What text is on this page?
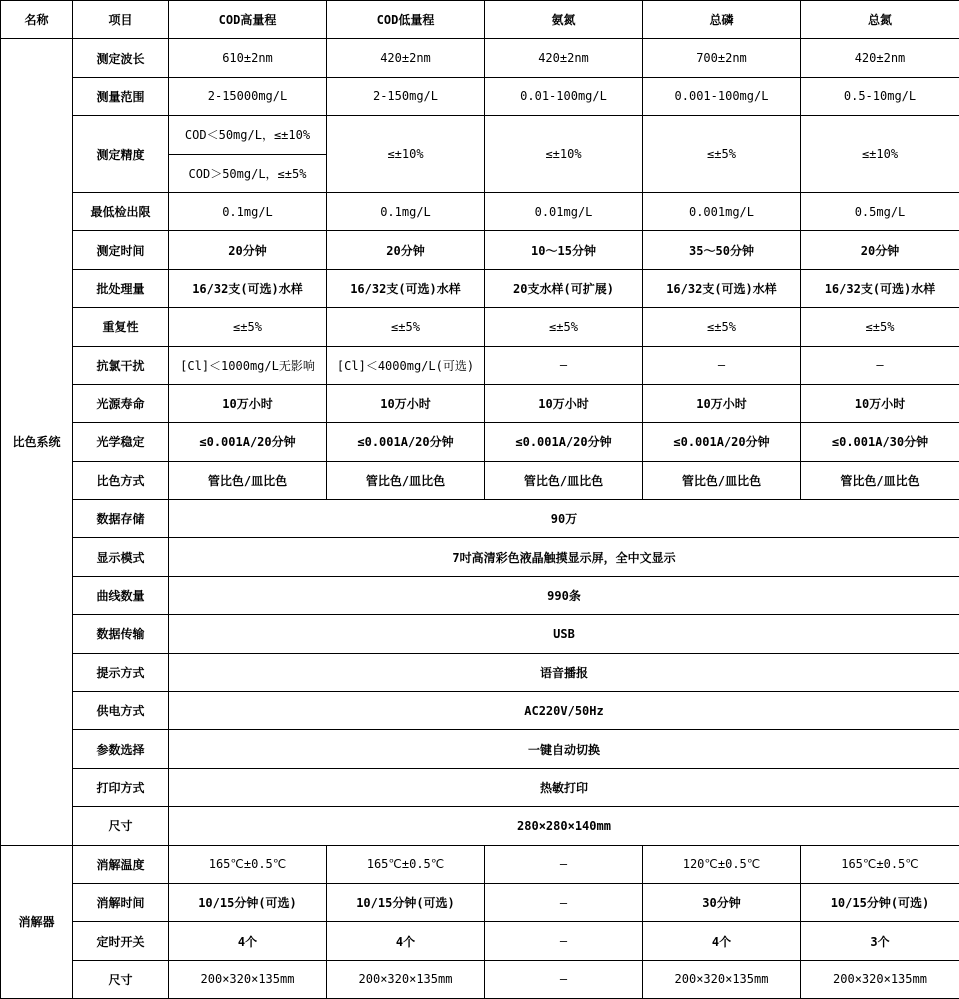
名称	项目	COD高量程	COD低量程	氨氮	总磷	总氮
比色系统	测定波长	610±2nm	420±2nm	420±2nm	700±2nm	420±2nm
	测量范围	2-15000mg/L	2-150mg/L	0.01-100mg/L	0.001-100mg/L	0.5-10mg/L
	测定精度	COD＜50mg/L，≤±10%	≤±10%	≤±10%	≤±5%	≤±10%
		COD＞50mg/L，≤±5%				
	最低检出限	0.1mg/L	0.1mg/L	0.01mg/L	0.001mg/L	0.5mg/L
	测定时间	20分钟	20分钟	10～15分钟	35～50分钟	20分钟
	批处理量	16/32支(可选)水样	16/32支(可选)水样	20支水样(可扩展)	16/32支(可选)水样	16/32支(可选)水样
	重复性	≤±5%	≤±5%	≤±5%	≤±5%	≤±5%
	抗氯干扰	[Cl]＜1000mg/L无影响	[Cl]＜4000mg/L(可选)	—	—	—
	光源寿命	10万小时	10万小时	10万小时	10万小时	10万小时
	光学稳定	≤0.001A/20分钟	≤0.001A/20分钟	≤0.001A/20分钟	≤0.001A/20分钟	≤0.001A/30分钟
	比色方式	管比色/皿比色	管比色/皿比色	管比色/皿比色	管比色/皿比色	管比色/皿比色
	数据存储	90万				
	显示模式	7吋高清彩色液晶触摸显示屏，全中文显示				
	曲线数量	990条				
	数据传输	USB				
	提示方式	语音播报				
	供电方式	AC220V/50Hz				
	参数选择	一键自动切换				
	打印方式	热敏打印				
	尺寸	280×280×140mm				
消解器	消解温度	165℃±0.5℃	165℃±0.5℃	—	120℃±0.5℃	165℃±0.5℃
	消解时间	10/15分钟(可选)	10/15分钟(可选)	—	30分钟	10/15分钟(可选)
	定时开关	4个	4个	—	4个	3个
	尺寸	200×320×135mm	200×320×135mm	—	200×320×135mm	200×320×135mm
